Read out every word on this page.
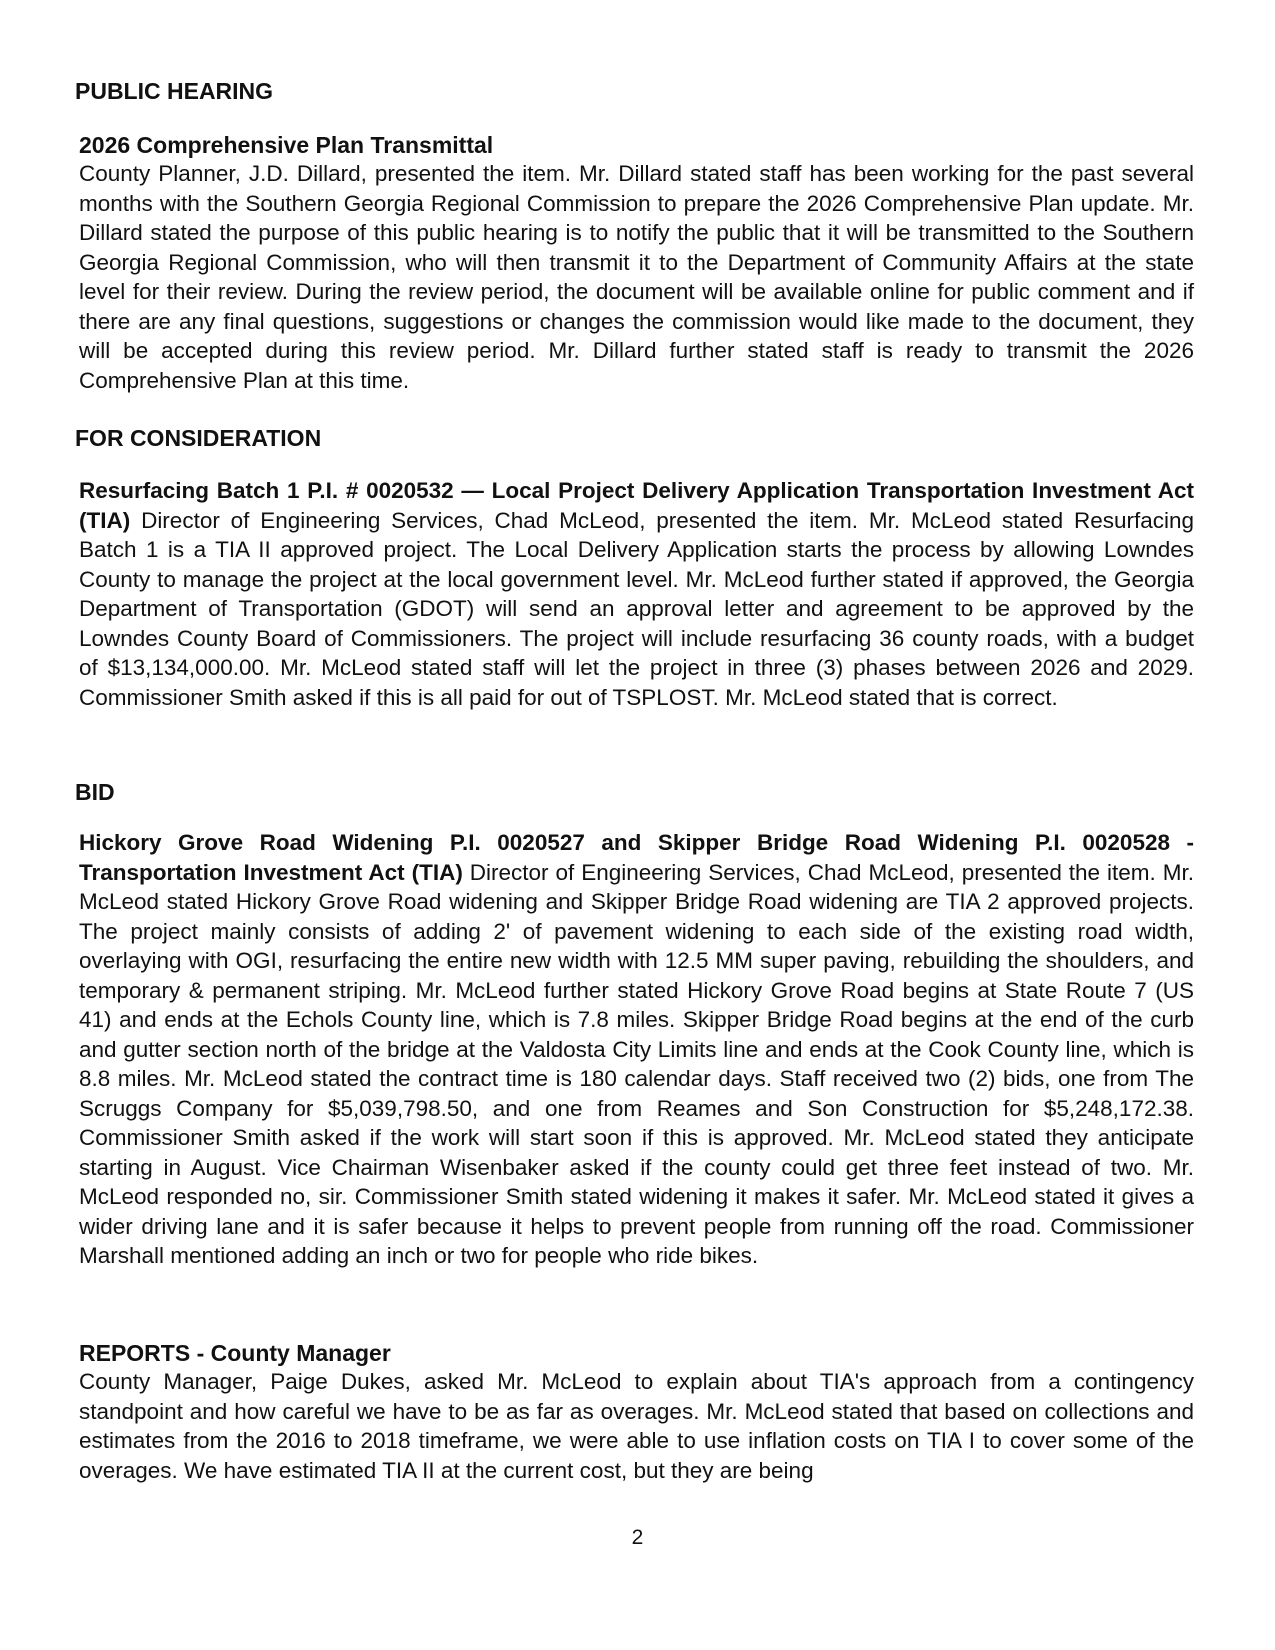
PUBLIC HEARING
2026 Comprehensive Plan Transmittal

County Planner, J.D. Dillard, presented the item. Mr. Dillard stated staff has been working for the past several months with the Southern Georgia Regional Commission to prepare the 2026 Comprehensive Plan update. Mr. Dillard stated the purpose of this public hearing is to notify the public that it will be transmitted to the Southern Georgia Regional Commission, who will then transmit it to the Department of Community Affairs at the state level for their review. During the review period, the document will be available online for public comment and if there are any final questions, suggestions or changes the commission would like made to the document, they will be accepted during this review period. Mr. Dillard further stated staff is ready to transmit the 2026 Comprehensive Plan at this time.

FOR CONSIDERATION

Resurfacing Batch 1 P.I. # 0020532 — Local Project Delivery Application Transportation Investment Act (TIA) Director of Engineering Services, Chad McLeod, presented the item. Mr. McLeod stated Resurfacing Batch 1 is a TIA II approved project. The Local Delivery Application starts the process by allowing Lowndes County to manage the project at the local government level. Mr. McLeod further stated if approved, the Georgia Department of Transportation (GDOT) will send an approval letter and agreement to be approved by the Lowndes County Board of Commissioners. The project will include resurfacing 36 county roads, with a budget of $13,134,000.00. Mr. McLeod stated staff will let the project in three (3) phases between 2026 and 2029. Commissioner Smith asked if this is all paid for out of TSPLOST. Mr. McLeod stated that is correct.

BID

Hickory Grove Road Widening P.I. 0020527 and Skipper Bridge Road Widening P.I. 0020528 - Transportation Investment Act (TIA) Director of Engineering Services, Chad McLeod, presented the item. Mr. McLeod stated Hickory Grove Road widening and Skipper Bridge Road widening are TIA 2 approved projects. The project mainly consists of adding 2' of pavement widening to each side of the existing road width, overlaying with OGI, resurfacing the entire new width with 12.5 MM super paving, rebuilding the shoulders, and temporary & permanent striping. Mr. McLeod further stated Hickory Grove Road begins at State Route 7 (US 41) and ends at the Echols County line, which is 7.8 miles. Skipper Bridge Road begins at the end of the curb and gutter section north of the bridge at the Valdosta City Limits line and ends at the Cook County line, which is 8.8 miles. Mr. McLeod stated the contract time is 180 calendar days. Staff received two (2) bids, one from The Scruggs Company for $5,039,798.50, and one from Reames and Son Construction for $5,248,172.38. Commissioner Smith asked if the work will start soon if this is approved. Mr. McLeod stated they anticipate starting in August. Vice Chairman Wisenbaker asked if the county could get three feet instead of two. Mr. McLeod responded no, sir. Commissioner Smith stated widening it makes it safer. Mr. McLeod stated it gives a wider driving lane and it is safer because it helps to prevent people from running off the road. Commissioner Marshall mentioned adding an inch or two for people who ride bikes.

REPORTS - County Manager

County Manager, Paige Dukes, asked Mr. McLeod to explain about TIA's approach from a contingency standpoint and how careful we have to be as far as overages. Mr. McLeod stated that based on collections and estimates from the 2016 to 2018 timeframe, we were able to use inflation costs on TIA I to cover some of the overages. We have estimated TIA II at the current cost, but they are being

2
